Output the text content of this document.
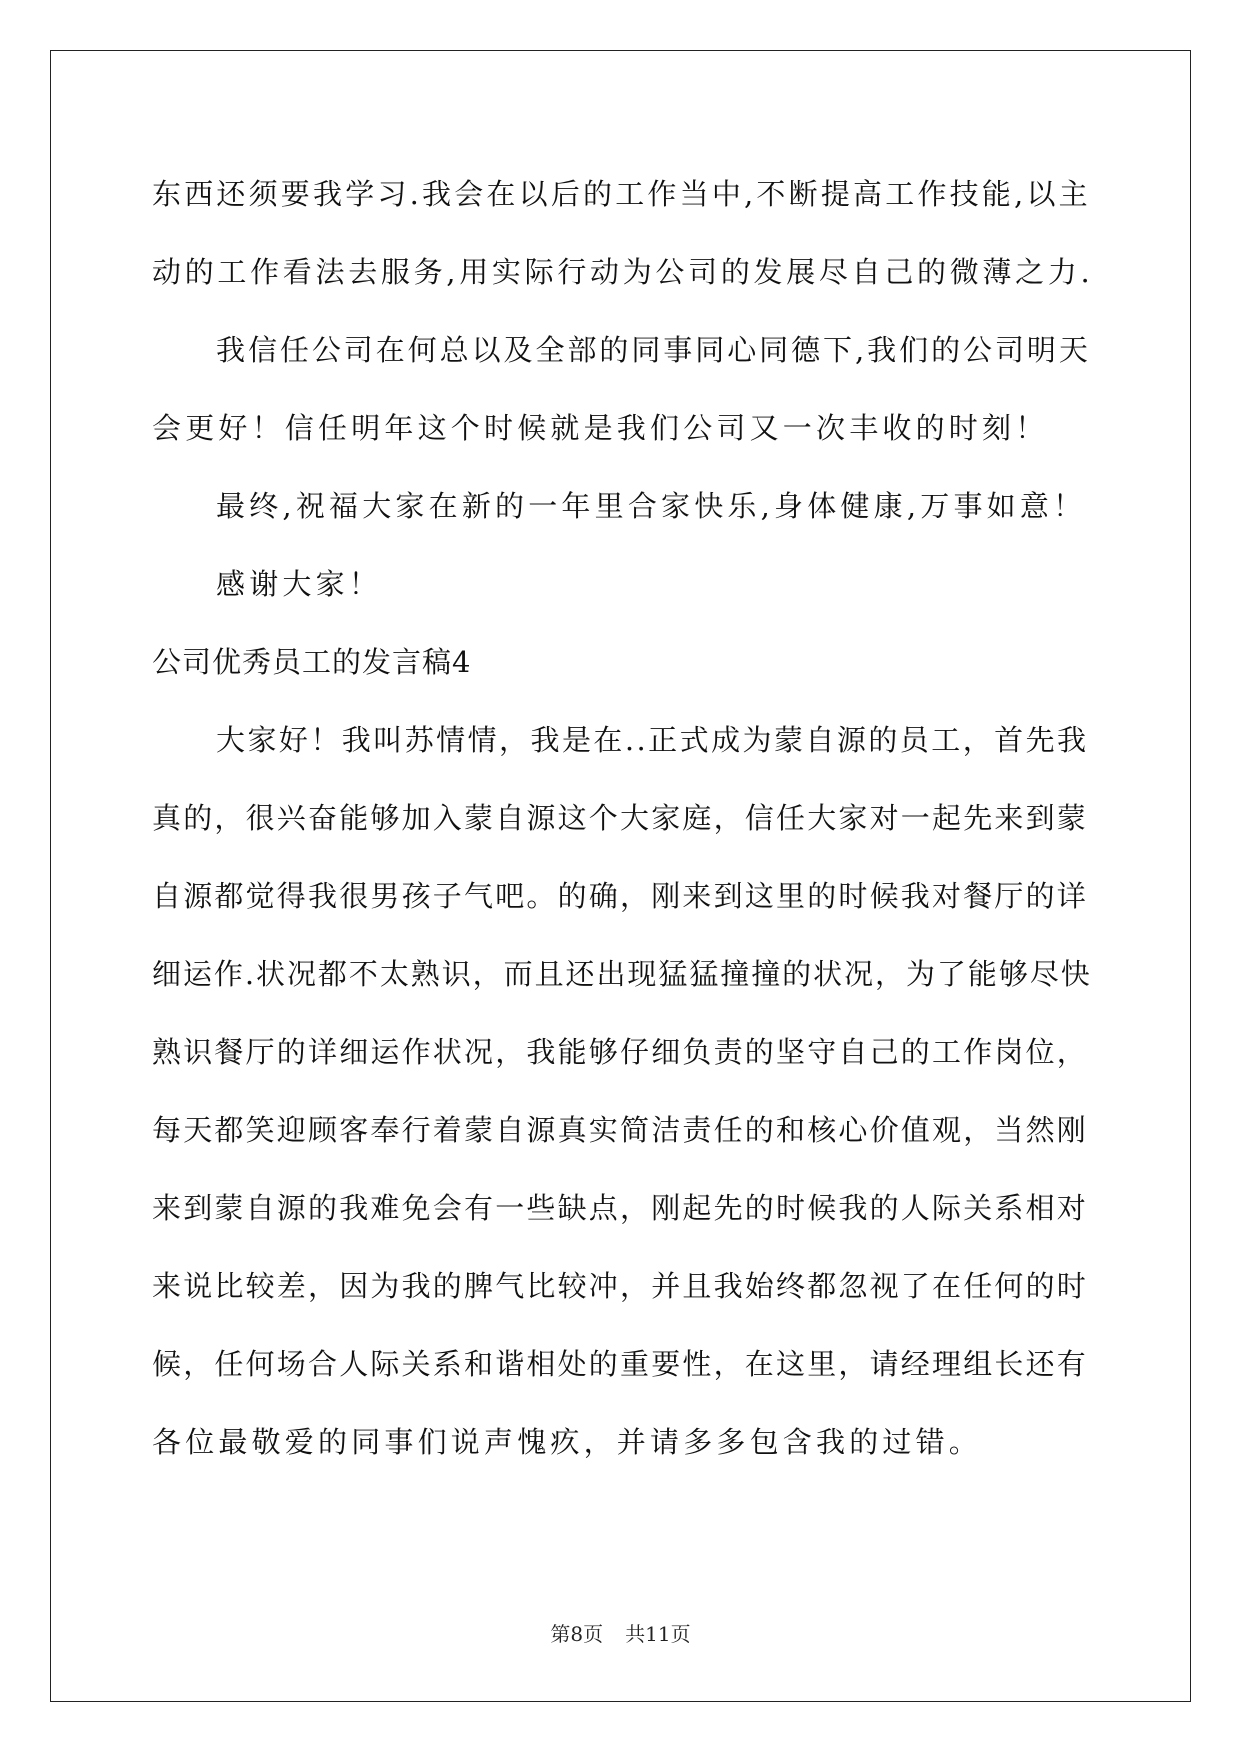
东西还须要我学习.我会在以后的工作当中,不断提高工作技能,以主
动的工作看法去服务,用实际行动为公司的发展尽自己的微薄之力.
我信任公司在何总以及全部的同事同心同德下,我们的公司明天
会更好！信任明年这个时候就是我们公司又一次丰收的时刻！
最终,祝福大家在新的一年里合家快乐,身体健康,万事如意！
感谢大家！
公司优秀员工的发言稿4
大家好！我叫苏情情，我是在..正式成为蒙自源的员工，首先我
真的，很兴奋能够加入蒙自源这个大家庭，信任大家对一起先来到蒙
自源都觉得我很男孩子气吧。的确，刚来到这里的时候我对餐厅的详
细运作.状况都不太熟识，而且还出现猛猛撞撞的状况，为了能够尽快
熟识餐厅的详细运作状况，我能够仔细负责的坚守自己的工作岗位，
每天都笑迎顾客奉行着蒙自源真实简洁责任的和核心价值观，当然刚
来到蒙自源的我难免会有一些缺点，刚起先的时候我的人际关系相对
来说比较差，因为我的脾气比较冲，并且我始终都忽视了在任何的时
候，任何场合人际关系和谐相处的重要性，在这里，请经理组长还有
各位最敬爱的同事们说声愧疚，并请多多包含我的过错。
第8页 共11页
